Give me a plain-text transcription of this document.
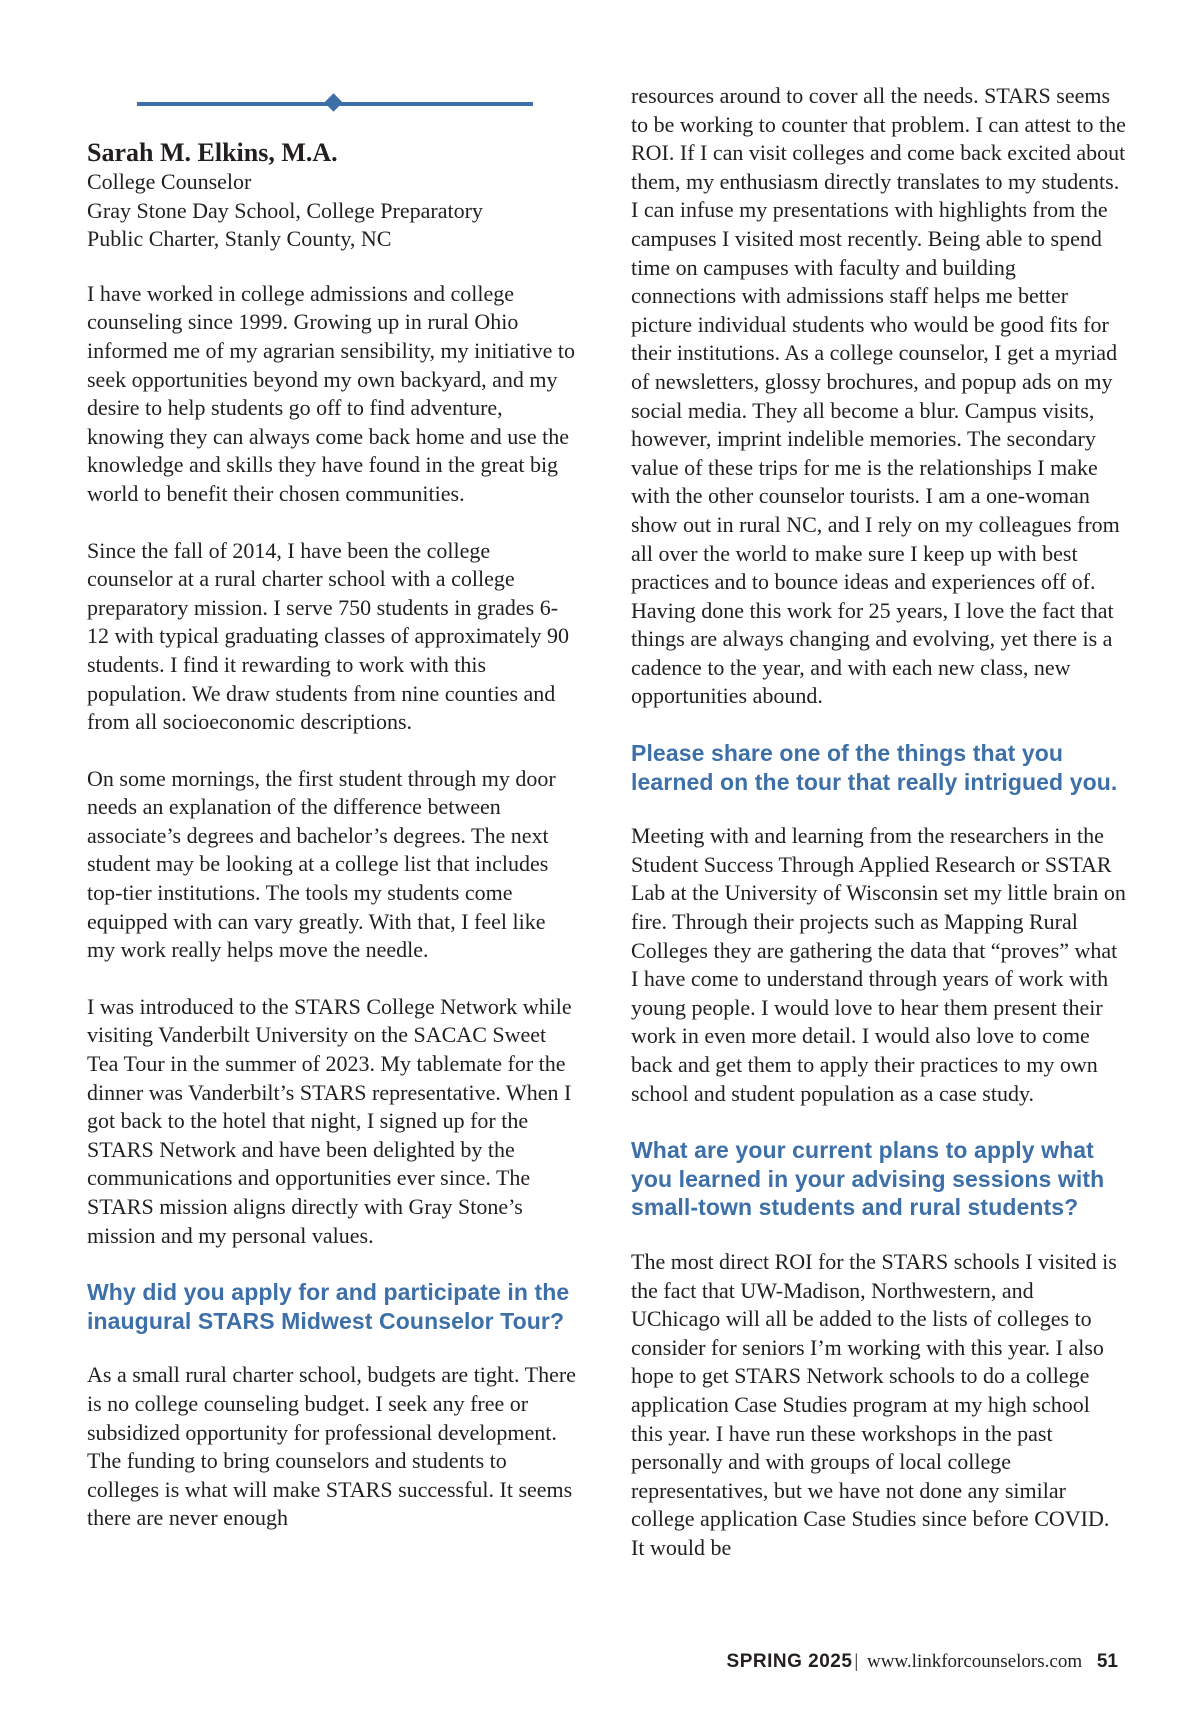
Sarah M. Elkins, M.A.
College Counselor
Gray Stone Day School, College Preparatory
Public Charter, Stanly County, NC

I have worked in college admissions and college counseling since 1999. Growing up in rural Ohio informed me of my agrarian sensibility, my initiative to seek opportunities beyond my own backyard, and my desire to help students go off to find adventure, knowing they can always come back home and use the knowledge and skills they have found in the great big world to benefit their chosen communities.

Since the fall of 2014, I have been the college counselor at a rural charter school with a college preparatory mission. I serve 750 students in grades 6-12 with typical graduating classes of approximately 90 students. I find it rewarding to work with this population. We draw students from nine counties and from all socioeconomic descriptions.

On some mornings, the first student through my door needs an explanation of the difference between associate’s degrees and bachelor’s degrees. The next student may be looking at a college list that includes top-tier institutions. The tools my students come equipped with can vary greatly. With that, I feel like my work really helps move the needle.

I was introduced to the STARS College Network while visiting Vanderbilt University on the SACAC Sweet Tea Tour in the summer of 2023. My tablemate for the dinner was Vanderbilt’s STARS representative. When I got back to the hotel that night, I signed up for the STARS Network and have been delighted by the communications and opportunities ever since. The STARS mission aligns directly with Gray Stone’s mission and my personal values.

Why did you apply for and participate in the inaugural STARS Midwest Counselor Tour?

As a small rural charter school, budgets are tight. There is no college counseling budget. I seek any free or subsidized opportunity for professional development. The funding to bring counselors and students to colleges is what will make STARS successful. It seems there are never enough

resources around to cover all the needs. STARS seems to be working to counter that problem. I can attest to the ROI. If I can visit colleges and come back excited about them, my enthusiasm directly translates to my students. I can infuse my presentations with highlights from the campuses I visited most recently. Being able to spend time on campuses with faculty and building connections with admissions staff helps me better picture individual students who would be good fits for their institutions. As a college counselor, I get a myriad of newsletters, glossy brochures, and popup ads on my social media. They all become a blur. Campus visits, however, imprint indelible memories. The secondary value of these trips for me is the relationships I make with the other counselor tourists. I am a one-woman show out in rural NC, and I rely on my colleagues from all over the world to make sure I keep up with best practices and to bounce ideas and experiences off of. Having done this work for 25 years, I love the fact that things are always changing and evolving, yet there is a cadence to the year, and with each new class, new opportunities abound.

Please share one of the things that you learned on the tour that really intrigued you.

Meeting with and learning from the researchers in the Student Success Through Applied Research or SSTAR Lab at the University of Wisconsin set my little brain on fire. Through their projects such as Mapping Rural Colleges they are gathering the data that “proves” what I have come to understand through years of work with young people. I would love to hear them present their work in even more detail. I would also love to come back and get them to apply their practices to my own school and student population as a case study.

What are your current plans to apply what you learned in your advising sessions with small-town students and rural students?

The most direct ROI for the STARS schools I visited is the fact that UW-Madison, Northwestern, and UChicago will all be added to the lists of colleges to consider for seniors I’m working with this year. I also hope to get STARS Network schools to do a college application Case Studies program at my high school this year. I have run these workshops in the past personally and with groups of local college representatives, but we have not done any similar college application Case Studies since before COVID. It would be

SPRING 2025 | www.linkforcounselors.com 51
